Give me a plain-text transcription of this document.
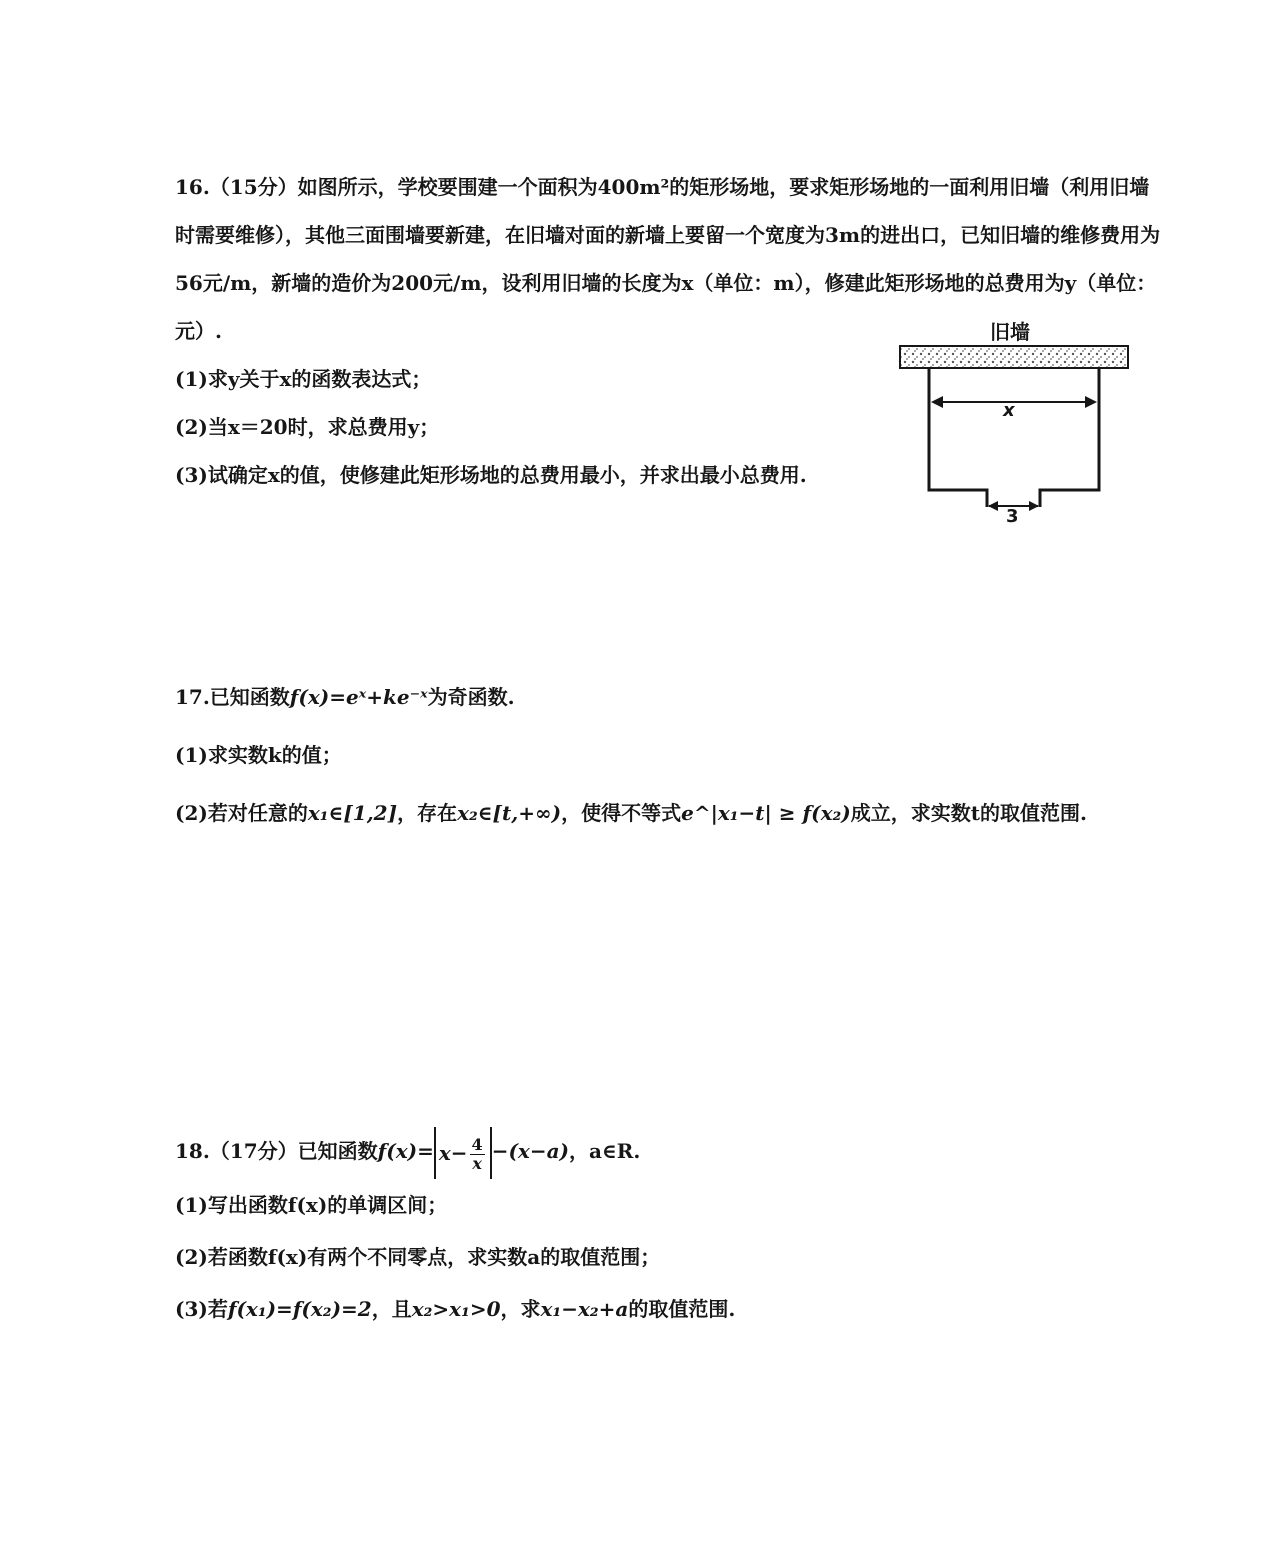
16.（15分）如图所示，学校要围建一个面积为400m²的矩形场地，要求矩形场地的一面利用旧墙（利用旧墙时需要维修），其他三面围墙要新建，在旧墙对面的新墙上要留一个宽度为3m的进出口，已知旧墙的维修费用为56元/m，新墙的造价为200元/m，设利用旧墙的长度为x（单位：m），修建此矩形场地的总费用为y（单位：元）.

(1)求y关于x的函数表达式；

(2)当x＝20时，求总费用y；

(3)试确定x的值，使修建此矩形场地的总费用最小，并求出最小总费用.

旧墙
x
3

17.已知函数f(x)=eˣ+ke⁻ˣ为奇函数.

(1)求实数k的值；

(2)若对任意的x₁∈[1,2]，存在x₂∈[t,+∞)，使得不等式e^|x₁−t| ≥ f(x₂)成立，求实数t的取值范围.

18.（17分）已知函数$f(x)= x- \frac{4}{x} -(x-a)$，a∈R.

(1)写出函数f(x)的单调区间；

(2)若函数f(x)有两个不同零点，求实数a的取值范围；

(3)若f(x₁)=f(x₂)=2，且x₂>x₁>0，求x₁−x₂+a的取值范围.
